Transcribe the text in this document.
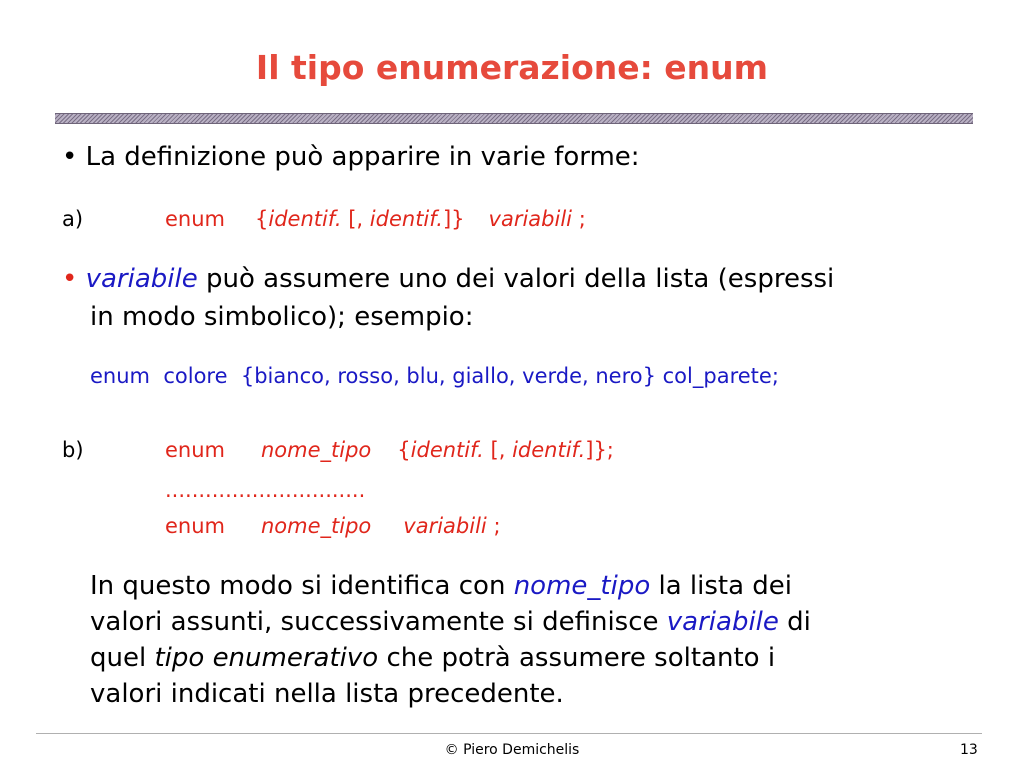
Il tipo enumerazione: enum
• La definizione può apparire in varie forme:
a)	enum {identif. [, identif.]} variabili ;
• variabile può assumere uno dei valori della lista (espressi
in modo simbolico); esempio:
enum  colore  {bianco, rosso, blu, giallo, verde, nero} col_parete;
b)	enum nome_tipo {identif. [, identif.]};
..............................
enum nome_tipo variabili ;
In questo modo si identifica con nome_tipo la lista dei
valori assunti, successivamente si definisce variabile di
quel tipo enumerativo che potrà assumere soltanto i
valori indicati nella lista precedente.
© Piero Demichelis	13
